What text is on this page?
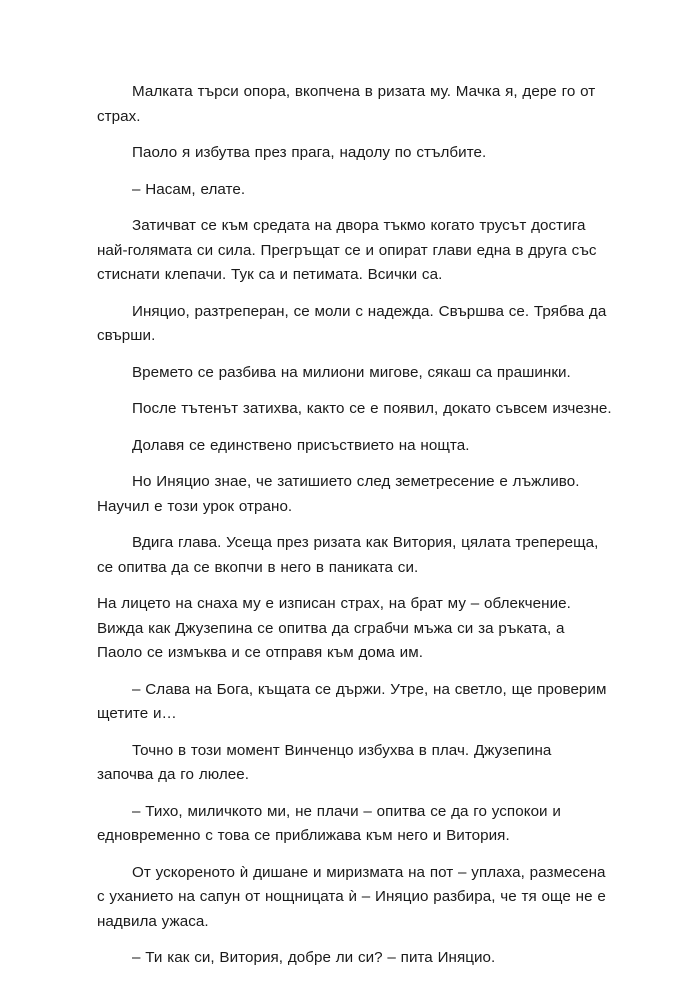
Малката търси опора, вкопчена в ризата му. Мачка я, дере го от страх.

Паоло я избутва през прага, надолу по стълбите.

– Насам, елате.

Затичват се към средата на двора тъкмо когато трусът достига най-голямата си сила. Прегръщат се и опират глави една в друга със стиснати клепачи. Тук са и петимата. Всички са.

Иняцио, разтреперан, се моли с надежда. Свършва се. Трябва да свърши.

Времето се разбива на милиони мигове, сякаш са прашинки.

После тътенът затихва, както се е появил, докато съвсем изчезне.

Долавя се единствено присъствието на нощта.

Но Иняцио знае, че затишието след земетресение е лъжливо. Научил е този урок отрано.

Вдига глава. Усеща през ризата как Витория, цялата трепереща, се опитва да се вкопчи в него в паниката си.

На лицето на снаха му е изписан страх, на брат му – облекчение. Вижда как Джузепина се опитва да сграбчи мъжа си за ръката, а Паоло се измъква и се отправя към дома им.

– Слава на Бога, къщата се държи. Утре, на светло, ще проверим щетите и…

Точно в този момент Винченцо избухва в плач. Джузепина започва да го люлее.

– Тихо, миличкото ми, не плачи – опитва се да го успокои и едновременно с това се приближава към него и Витория.

От ускореното ѝ дишане и миризмата на пот – уплаха, размесена с уханието на сапун от нощницата ѝ – Иняцио разбира, че тя още не е надвила ужаса.

– Ти как си, Витория, добре ли си? – пита Иняцио.
